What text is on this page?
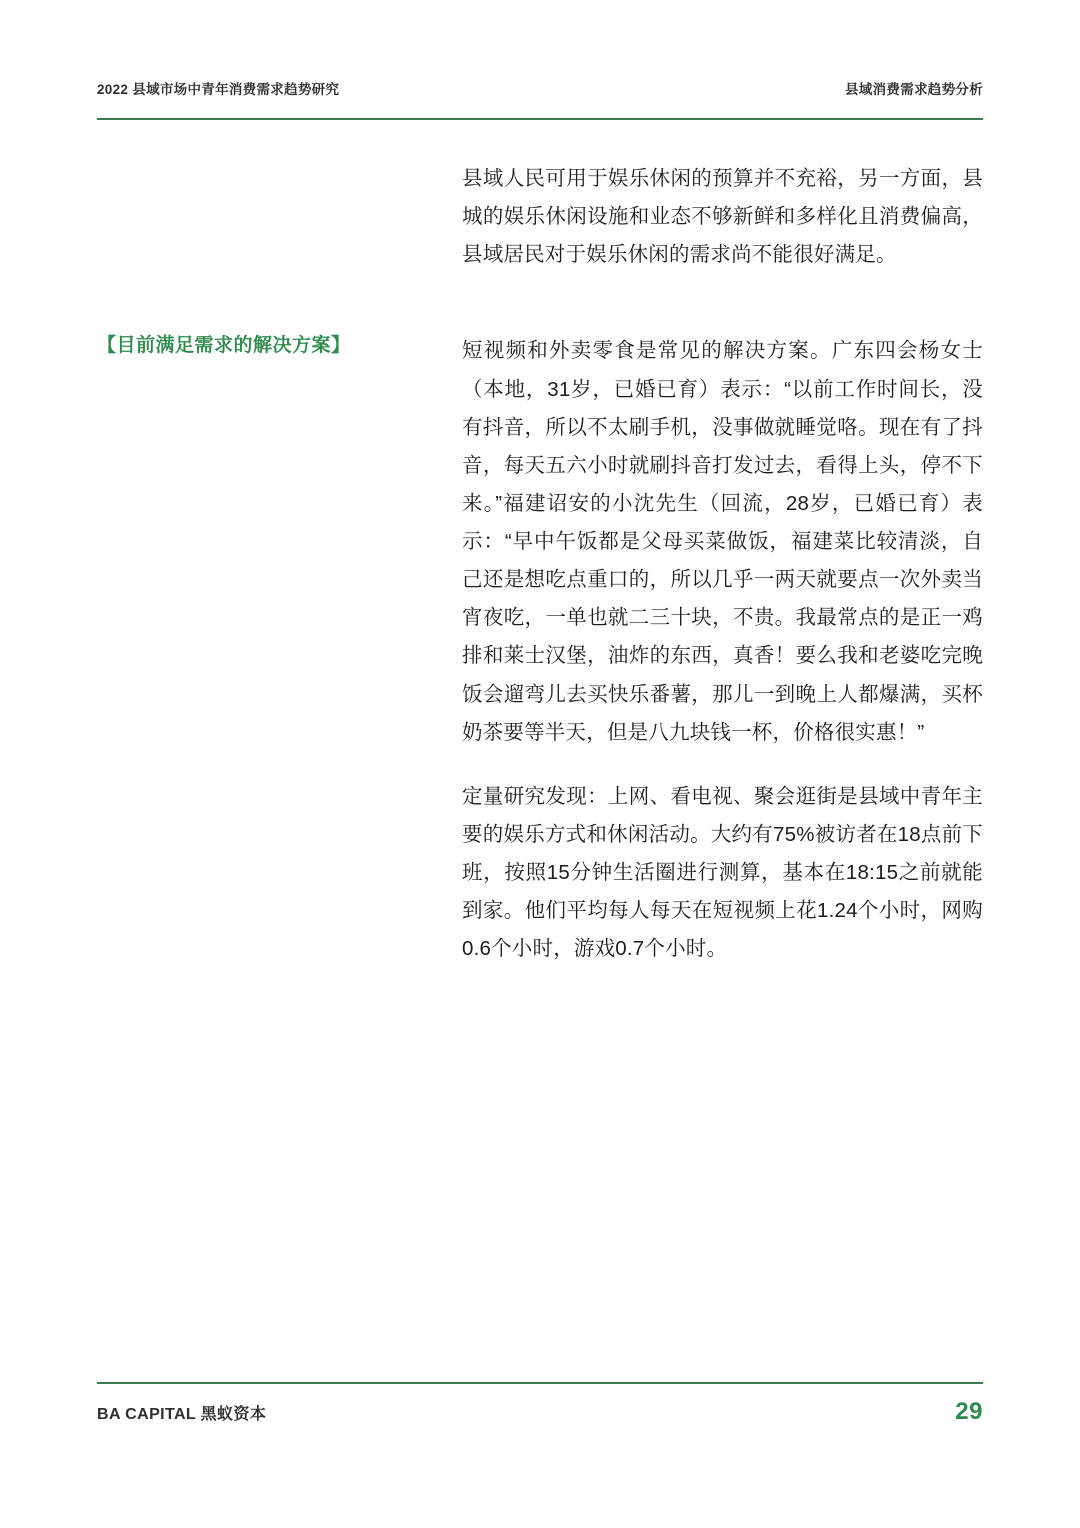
2022 县域市场中青年消费需求趋势研究	县域消费需求趋势分析

县域人民可用于娱乐休闲的预算并不充裕，另一方面，县城的娱乐休闲设施和业态不够新鲜和多样化且消费偏高，县域居民对于娱乐休闲的需求尚不能很好满足。

【目前满足需求的解决方案】	短视频和外卖零食是常见的解决方案。广东四会杨女士（本地，31岁，已婚已育）表示：“以前工作时间长，没有抖音，所以不太刷手机，没事做就睡觉咯。现在有了抖音，每天五六小时就刷抖音打发过去，看得上头，停不下来。”福建诏安的小沈先生（回流，28岁，已婚已育）表示：“早中午饭都是父母买菜做饭，福建菜比较清淡，自己还是想吃点重口的，所以几乎一两天就要点一次外卖当宵夜吃，一单也就二三十块，不贵。我最常点的是正一鸡排和莱士汉堡，油炸的东西，真香！要么我和老婆吃完晚饭会遛弯儿去买快乐番薯，那儿一到晚上人都爆满，买杯奶茶要等半天，但是八九块钱一杯，价格很实惠！”

定量研究发现：上网、看电视、聚会逛街是县域中青年主要的娱乐方式和休闲活动。大约有75%被访者在18点前下班，按照15分钟生活圈进行测算，基本在18:15之前就能到家。他们平均每人每天在短视频上花1.24个小时，网购0.6个小时，游戏0.7个小时。

BA CAPITAL 黑蚁资本	29
